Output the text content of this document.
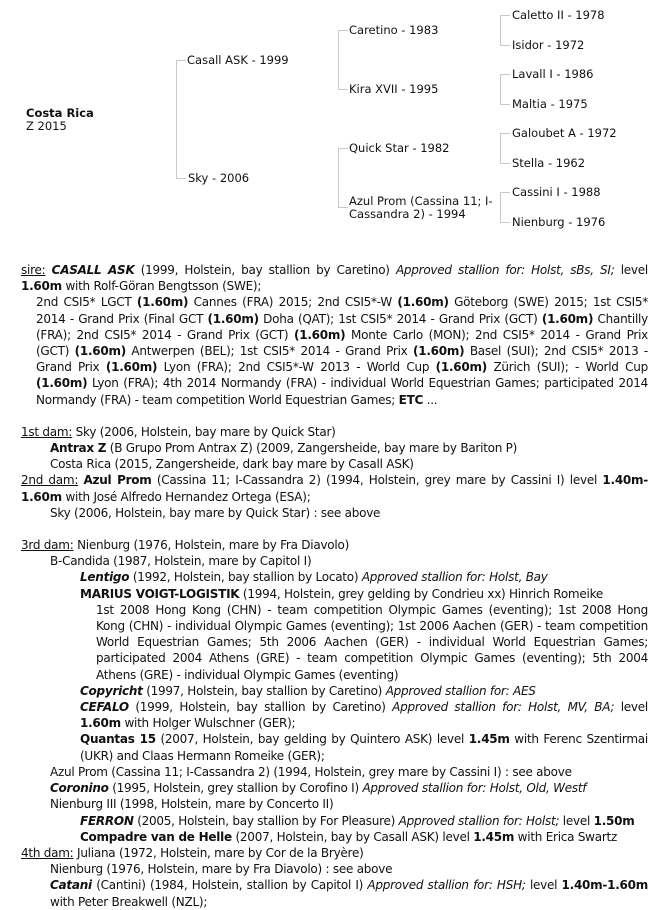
Costa Rica
Z 2015
Casall ASK - 1999
Sky - 2006
Caretino - 1983
Kira XVII - 1995
Quick Star - 1982
Azul Prom (Cassina 11; I-
Cassandra 2) - 1994
Caletto II - 1978
Isidor - 1972
Lavall I - 1986
Maltia - 1975
Galoubet A - 1972
Stella - 1962
Cassini I - 1988
Nienburg - 1976

sire: CASALL ASK (1999, Holstein, bay stallion by Caretino) Approved stallion for: Holst, sBs, SI; level 1.60m with Rolf-Göran Bengtsson (SWE);

2nd CSI5* LGCT (1.60m) Cannes (FRA) 2015; 2nd CSI5*-W (1.60m) Göteborg (SWE) 2015; 1st CSI5* 2014 - Grand Prix (Final GCT (1.60m) Doha (QAT); 1st CSI5* 2014 - Grand Prix (GCT) (1.60m) Chantilly (FRA); 2nd CSI5* 2014 - Grand Prix (GCT) (1.60m) Monte Carlo (MON); 2nd CSI5* 2014 - Grand Prix (GCT) (1.60m) Antwerpen (BEL); 1st CSI5* 2014 - Grand Prix (1.60m) Basel (SUI); 2nd CSI5* 2013 - Grand Prix (1.60m) Lyon (FRA); 2nd CSI5*-W 2013 - World Cup (1.60m) Zürich (SUI); - World Cup (1.60m) Lyon (FRA); 4th 2014 Normandy (FRA) - individual World Equestrian Games; participated 2014 Normandy (FRA) - team competition World Equestrian Games; ETC ...

1st dam: Sky (2006, Holstein, bay mare by Quick Star)

Antrax Z (B Grupo Prom Antrax Z) (2009, Zangersheide, bay mare by Bariton P)

Costa Rica (2015, Zangersheide, dark bay mare by Casall ASK)

2nd dam: Azul Prom (Cassina 11; I-Cassandra 2) (1994, Holstein, grey mare by Cassini I) level 1.40m-1.60m with José Alfredo Hernandez Ortega (ESA);

Sky (2006, Holstein, bay mare by Quick Star) : see above

3rd dam: Nienburg (1976, Holstein, mare by Fra Diavolo)

B-Candida (1987, Holstein, mare by Capitol I)

Lentigo (1992, Holstein, bay stallion by Locato) Approved stallion for: Holst, Bay

MARIUS VOIGT-LOGISTIK (1994, Holstein, grey gelding by Condrieu xx) Hinrich Romeike

1st 2008 Hong Kong (CHN) - team competition Olympic Games (eventing); 1st 2008 Hong Kong (CHN) - individual Olympic Games (eventing); 1st 2006 Aachen (GER) - team competition World Equestrian Games; 5th 2006 Aachen (GER) - individual World Equestrian Games; participated 2004 Athens (GRE) - team competition Olympic Games (eventing); 5th 2004 Athens (GRE) - individual Olympic Games (eventing)

Copyricht (1997, Holstein, bay stallion by Caretino) Approved stallion for: AES

CEFALO (1999, Holstein, bay stallion by Caretino) Approved stallion for: Holst, MV, BA; level 1.60m with Holger Wulschner (GER);

Quantas 15 (2007, Holstein, bay gelding by Quintero ASK) level 1.45m with Ferenc Szentirmai (UKR) and Claas Hermann Romeike (GER);

Azul Prom (Cassina 11; I-Cassandra 2) (1994, Holstein, grey mare by Cassini I) : see above

Coronino (1995, Holstein, grey stallion by Corofino I) Approved stallion for: Holst, Old, Westf

Nienburg III (1998, Holstein, mare by Concerto II)

FERRON (2005, Holstein, bay stallion by For Pleasure) Approved stallion for: Holst; level 1.50m

Compadre van de Helle (2007, Holstein, bay by Casall ASK) level 1.45m with Erica Swartz

4th dam: Juliana (1972, Holstein, mare by Cor de la Bryère)

Nienburg (1976, Holstein, mare by Fra Diavolo) : see above

Catani (Cantini) (1984, Holstein, stallion by Capitol I) Approved stallion for: HSH; level 1.40m-1.60m with Peter Breakwell (NZL);
